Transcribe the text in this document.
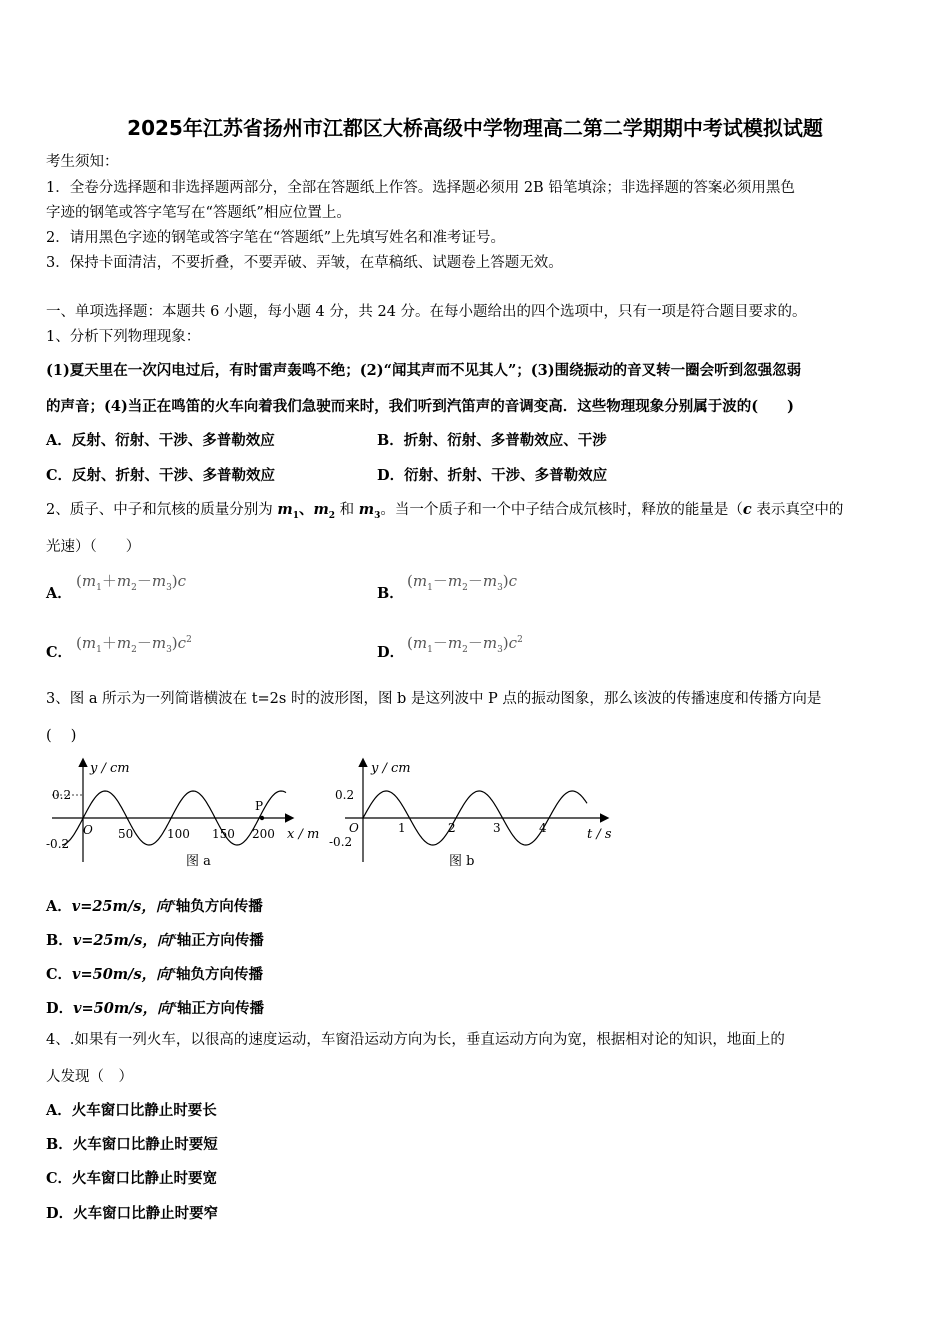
2025年江苏省扬州市江都区大桥高级中学物理高二第二学期期中考试模拟试题
考生须知：
1．全卷分选择题和非选择题两部分，全部在答题纸上作答。选择题必须用 2B 铅笔填涂；非选择题的答案必须用黑色
字迹的钢笔或答字笔写在“答题纸”相应位置上。
2．请用黑色字迹的钢笔或答字笔在“答题纸”上先填写姓名和准考证号。
3．保持卡面清洁，不要折叠，不要弄破、弄皱，在草稿纸、试题卷上答题无效。
一、单项选择题：本题共 6 小题，每小题 4 分，共 24 分。在每小题给出的四个选项中，只有一项是符合题目要求的。
1、分析下列物理现象：
(1)夏天里在一次闪电过后，有时雷声轰鸣不绝；(2)“闻其声而不见其人”；(3)围绕振动的音叉转一圈会听到忽强忽弱
的声音；(4)当正在鸣笛的火车向着我们急驶而来时，我们听到汽笛声的音调变高．这些物理现象分别属于波的(　　)
A．反射、衍射、干涉、多普勒效应	B．折射、衍射、多普勒效应、干涉
C．反射、折射、干涉、多普勒效应	D．衍射、折射、干涉、多普勒效应
2、质子、中子和氘核的质量分别为 $m_1$、$m_2$ 和 $m_3$。当一个质子和一个中子结合成氘核时，释放的能量是（c 表示真空中的
光速）（　　）
A．
$(m_1+m_2-m_3)c$
B．
$(m_1-m_2-m_3)c$
C．
$(m_1+m_2-m_3)c^2$
D．
$(m_1-m_2-m_3)c^2$
3、图 a 所示为一列简谐横波在 t=2s 时的波形图，图 b 是这列波中 P 点的振动图象，那么该波的传播速度和传播方向是
(　 )
y / cm
0.2
-0.2
O 50	100 150 200 x / m
P
图 a
y / cm
0.2
-0.2
O	1	2	3	4	t / s
图 b
A．v=25m/s，向$^x$轴负方向传播
B．v=25m/s，向$^x$轴正方向传播
C．v=50m/s，向$^x$轴负方向传播
D．v=50m/s，向$^x$轴正方向传播
4、.如果有一列火车，以很高的速度运动，车窗沿运动方向为长，垂直运动方向为宽，根据相对论的知识，地面上的
人发现（　）
A．火车窗口比静止时要长
B．火车窗口比静止时要短
C．火车窗口比静止时要宽
D．火车窗口比静止时要窄
